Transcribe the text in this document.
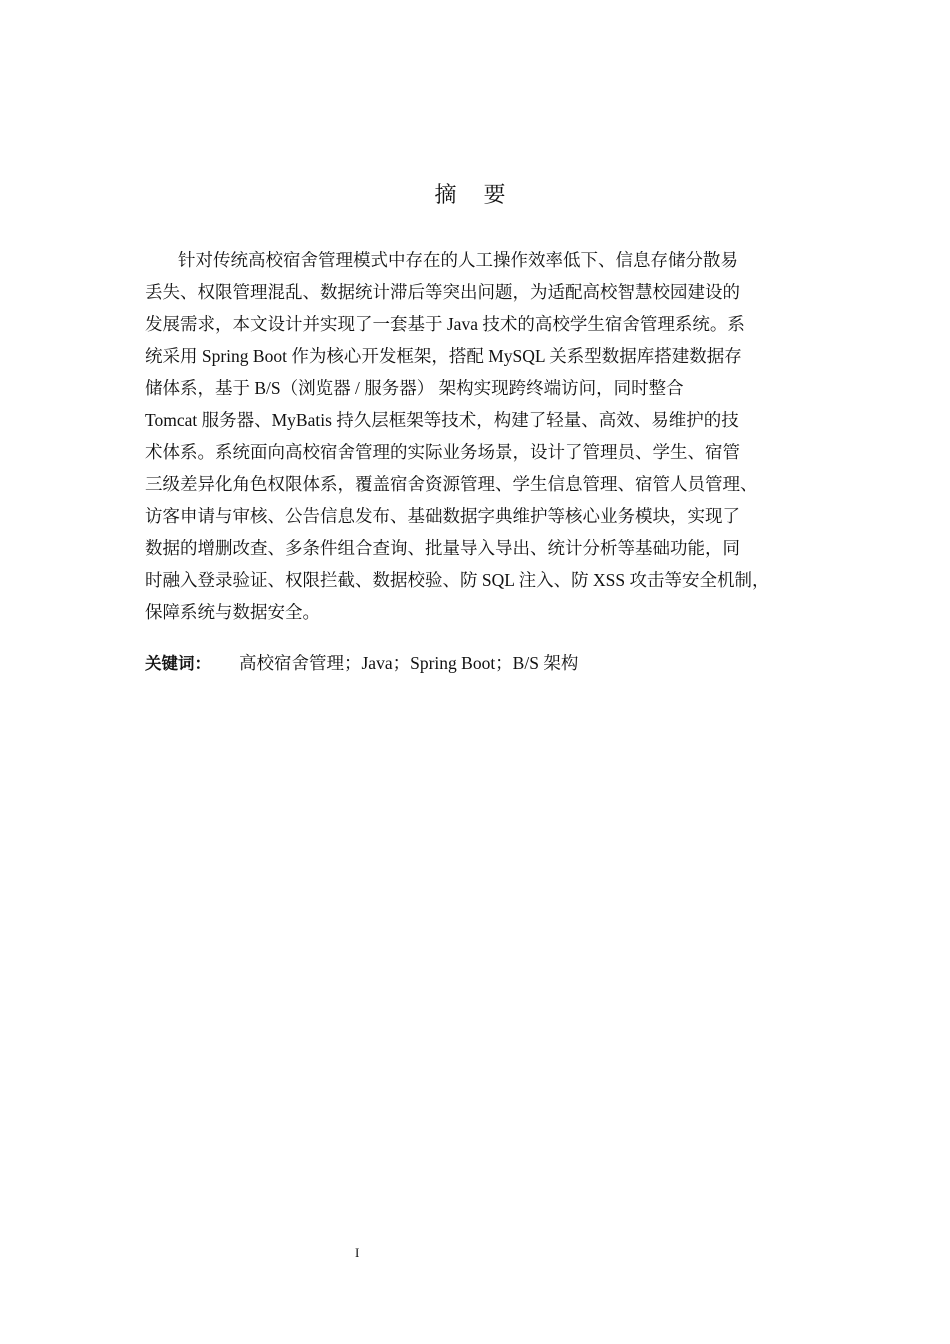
摘 要
针对传统高校宿舍管理模式中存在的人工操作效率低下、信息存储分散易
丢失、权限管理混乱、数据统计滞后等突出问题，为适配高校智慧校园建设的
发展需求，本文设计并实现了一套基于 Java 技术的高校学生宿舍管理系统。系
统采用 Spring Boot 作为核心开发框架，搭配 MySQL 关系型数据库搭建数据存
储体系，基于 B/S（浏览器 / 服务器） 架构实现跨终端访问，同时整合
Tomcat 服务器、MyBatis 持久层框架等技术，构建了轻量、高效、易维护的技
术体系。系统面向高校宿舍管理的实际业务场景，设计了管理员、学生、宿管
三级差异化角色权限体系，覆盖宿舍资源管理、学生信息管理、宿管人员管理、
访客申请与审核、公告信息发布、基础数据字典维护等核心业务模块，实现了
数据的增删改查、多条件组合查询、批量导入导出、统计分析等基础功能，同
时融入登录验证、权限拦截、数据校验、防 SQL 注入、防 XSS 攻击等安全机制，
保障系统与数据安全。
关键词： 高校宿舍管理；Java；Spring Boot；B/S 架构
I
